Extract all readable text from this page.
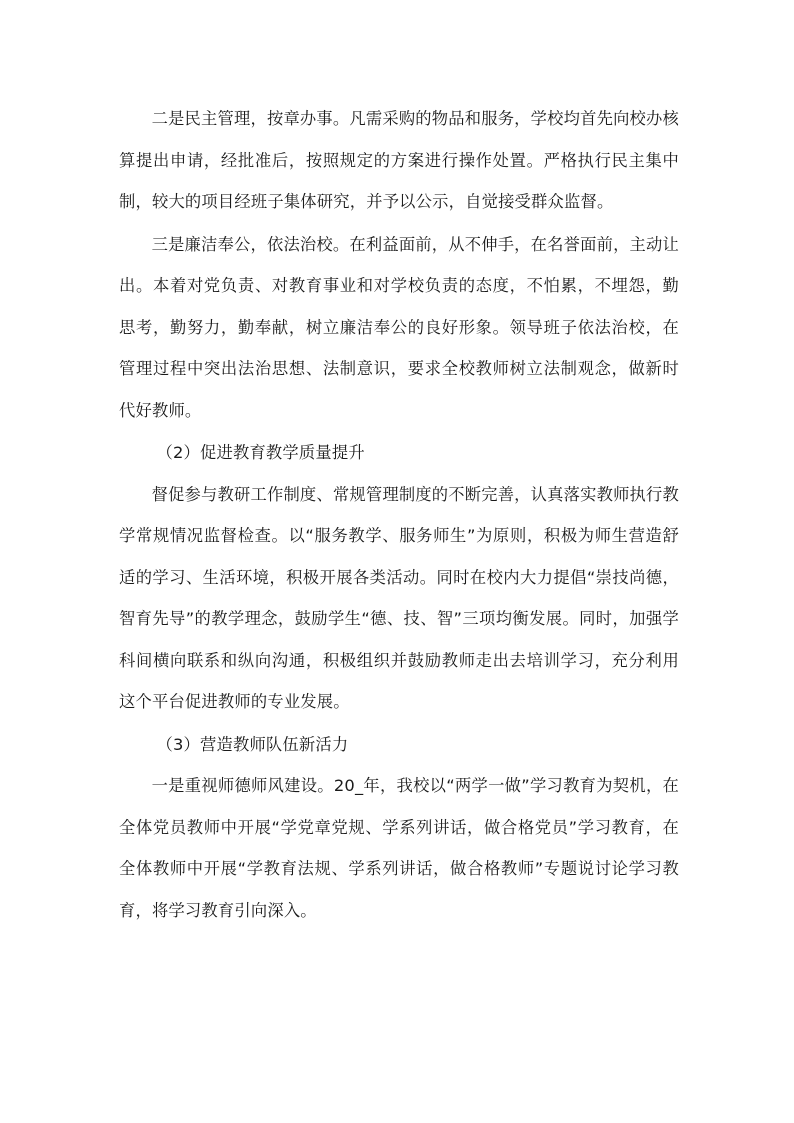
二是民主管理，按章办事。凡需采购的物品和服务，学校均首先向校办核算提出申请，经批准后，按照规定的方案进行操作处置。严格执行民主集中制，较大的项目经班子集体研究，并予以公示，自觉接受群众监督。

三是廉洁奉公，依法治校。在利益面前，从不伸手，在名誉面前，主动让出。本着对党负责、对教育事业和对学校负责的态度，不怕累，不埋怨，勤思考，勤努力，勤奉献，树立廉洁奉公的良好形象。领导班子依法治校，在管理过程中突出法治思想、法制意识，要求全校教师树立法制观念，做新时代好教师。

（2）促进教育教学质量提升

督促参与教研工作制度、常规管理制度的不断完善，认真落实教师执行教学常规情况监督检查。以“服务教学、服务师生”为原则，积极为师生营造舒适的学习、生活环境，积极开展各类活动。同时在校内大力提倡“崇技尚德，智育先导”的教学理念，鼓励学生“德、技、智”三项均衡发展。同时，加强学科间横向联系和纵向沟通，积极组织并鼓励教师走出去培训学习，充分利用这个平台促进教师的专业发展。

（3）营造教师队伍新活力

一是重视师德师风建设。20_年，我校以“两学一做”学习教育为契机，在全体党员教师中开展“学党章党规、学系列讲话，做合格党员”学习教育，在全体教师中开展“学教育法规、学系列讲话，做合格教师”专题说讨论学习教育，将学习教育引向深入。
